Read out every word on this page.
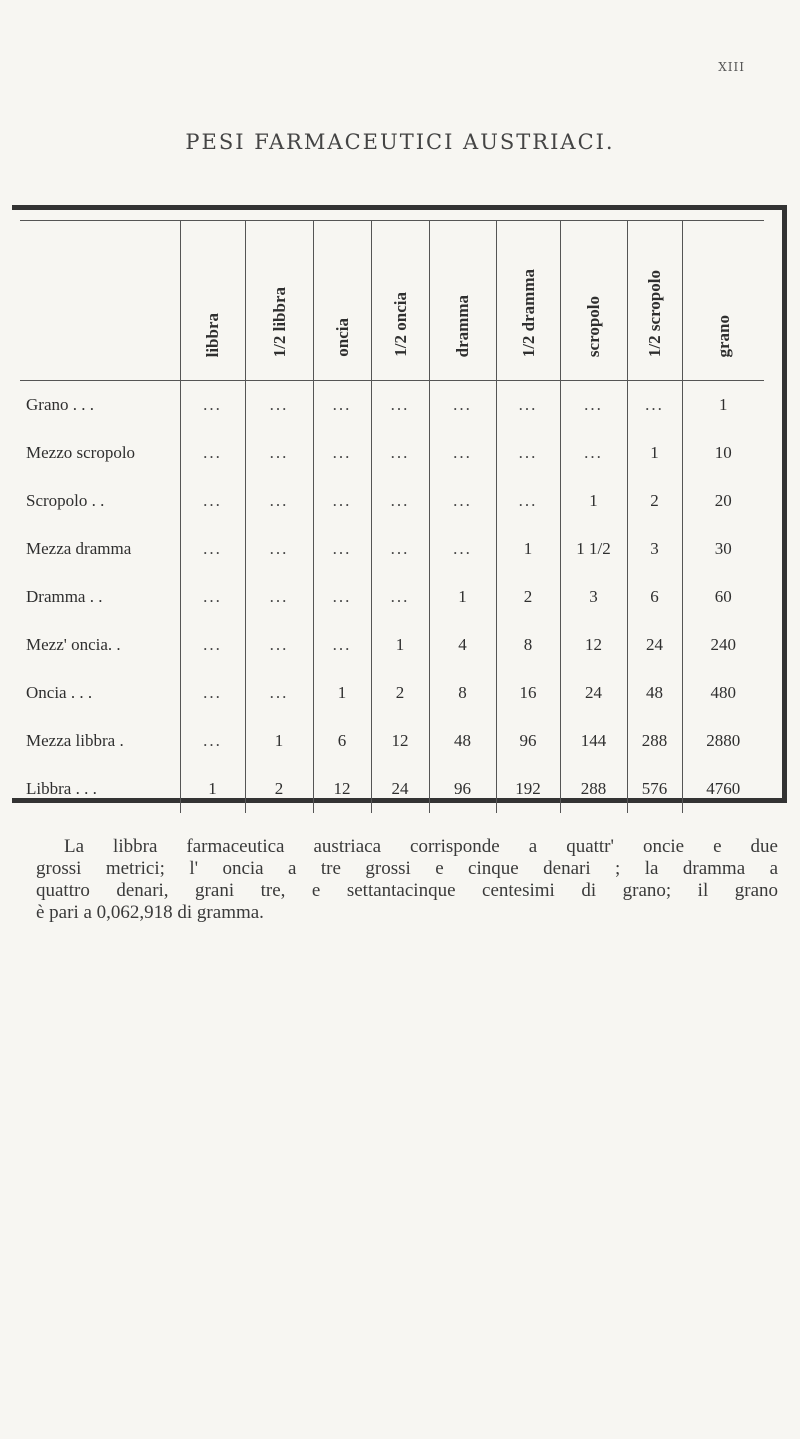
XIII
PESI FARMACEUTICI AUSTRIACI.
	libbra	1/2 libbra	oncia	1/2 oncia	dramma	1/2 dramma	scropolo	1/2 scropolo	grano
Grano . . .	...	...	...	...	...	...	...	...	1
Mezzo scropolo	...	...	...	...	...	...	...	1	10
Scropolo . .	...	...	...	...	...	...	1	2	20
Mezza dramma	...	...	...	...	...	1	1 1/2	3	30
Dramma . .	...	...	...	...	1	2	3	6	60
Mezz' oncia. .	...	...	...	1	4	8	12	24	240
Oncia . . .	...	...	1	2	8	16	24	48	480
Mezza libbra .	...	1	6	12	48	96	144	288	2880
Libbra . . .	1	2	12	24	96	192	288	576	4760
La libbra farmaceutica austriaca corrisponde a quattr' oncie e due
grossi metrici; l' oncia a tre grossi e cinque denari ; la dramma a
quattro denari, grani tre, e settantacinque centesimi di grano; il grano
è pari a 0,062,918 di gramma.
